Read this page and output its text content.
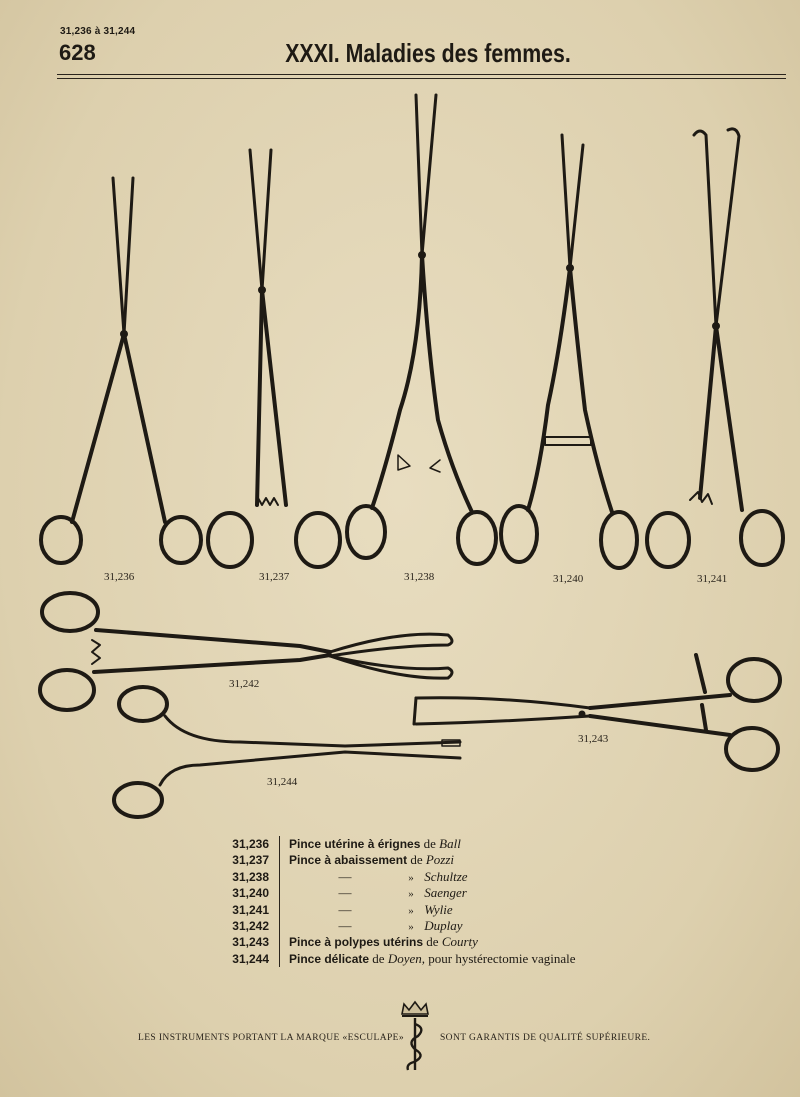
31,236 à 31,244
628	XXXI. Maladies des femmes.
31,236	31,237	31,238	31,240	31,241
31,242
31,243
31,244
31,236 Pince utérine à érignes de Ball
31,237 Pince à abaissement de Pozzi
31,238	—	» Schultze
31,240	—	» Saenger
31,241	—	» Wylie
31,242	—	» Duplay
31,243 Pince à polypes utérins de Courty
31,244 Pince délicate de Doyen, pour hystérectomie vaginale
LES INSTRUMENTS PORTANT LA MARQUE «ESCULAPE»	SONT GARANTIS DE QUALITÉ SUPÉRIEURE.
